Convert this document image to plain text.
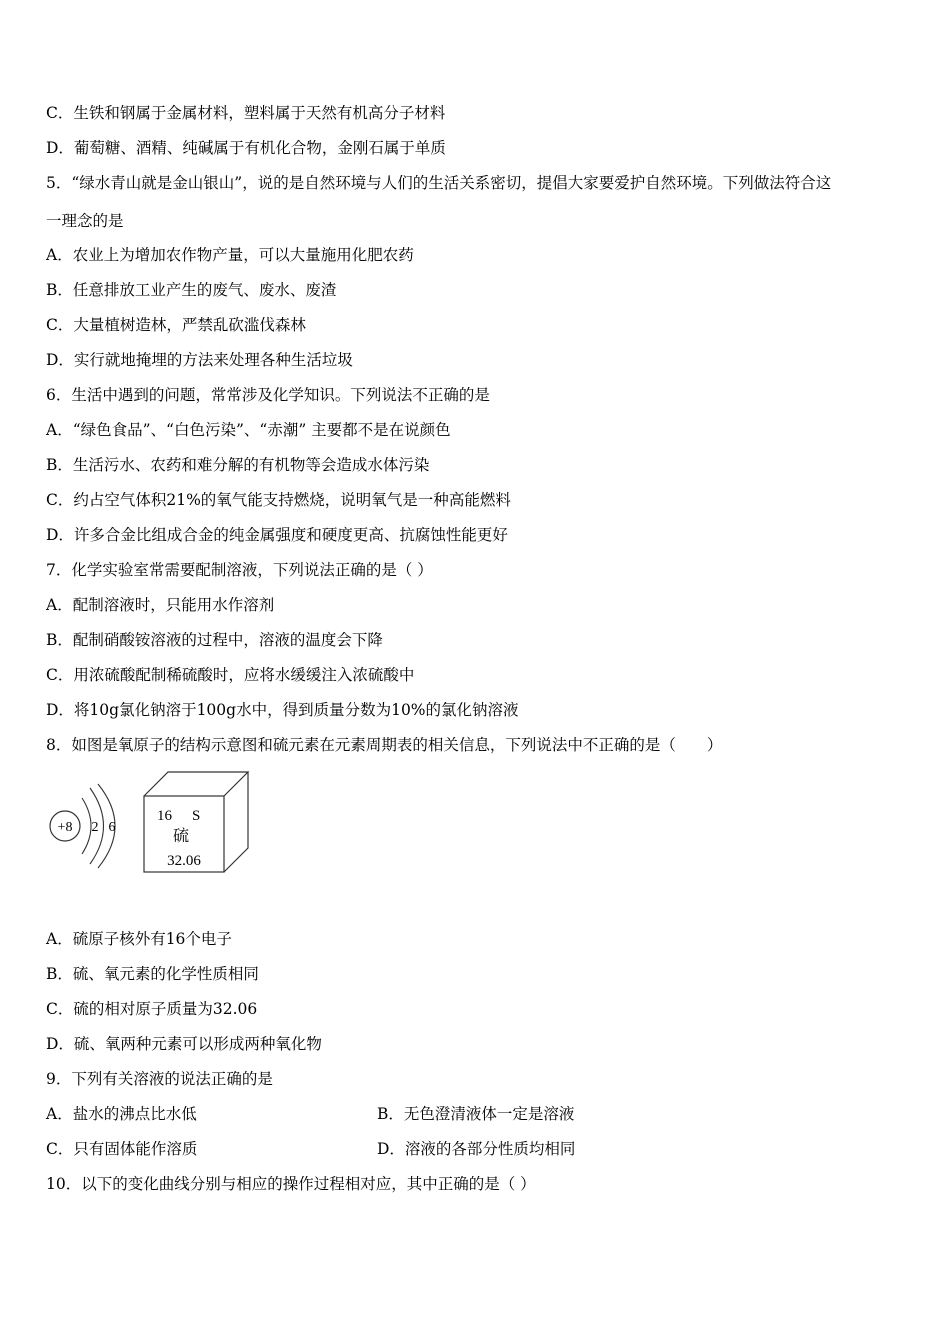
C．生铁和钢属于金属材料，塑料属于天然有机高分子材料
D．葡萄糖、酒精、纯碱属于有机化合物，金刚石属于单质
5．“绿水青山就是金山银山”，说的是自然环境与人们的生活关系密切，提倡大家要爱护自然环境。下列做法符合这
一理念的是
A．农业上为增加农作物产量，可以大量施用化肥农药
B．任意排放工业产生的废气、废水、废渣
C．大量植树造林，严禁乱砍滥伐森林
D．实行就地掩埋的方法来处理各种生活垃圾
6．生活中遇到的问题，常常涉及化学知识。下列说法不正确的是
A．“绿色食品”、“白色污染”、“赤潮” 主要都不是在说颜色
B．生活污水、农药和难分解的有机物等会造成水体污染
C．约占空气体积21%的氧气能支持燃烧，说明氧气是一种高能燃料
D．许多合金比组成合金的纯金属强度和硬度更高、抗腐蚀性能更好
7．化学实验室常需要配制溶液，下列说法正确的是（ ）
A．配制溶液时，只能用水作溶剂
B．配制硝酸铵溶液的过程中，溶液的温度会下降
C．用浓硫酸配制稀硫酸时，应将水缓缓注入浓硫酸中
D．将10g氯化钠溶于100g水中，得到质量分数为10%的氯化钠溶液
8．如图是氧原子的结构示意图和硫元素在元素周期表的相关信息，下列说法中不正确的是（　　）
+8 2 6
16 S
硫
32.06
A．硫原子核外有16个电子
B．硫、氧元素的化学性质相同
C．硫的相对原子质量为32.06
D．硫、氧两种元素可以形成两种氧化物
9．下列有关溶液的说法正确的是
A．盐水的沸点比水低	B．无色澄清液体一定是溶液
C．只有固体能作溶质	D．溶液的各部分性质均相同
10．以下的变化曲线分别与相应的操作过程相对应，其中正确的是（ ）
